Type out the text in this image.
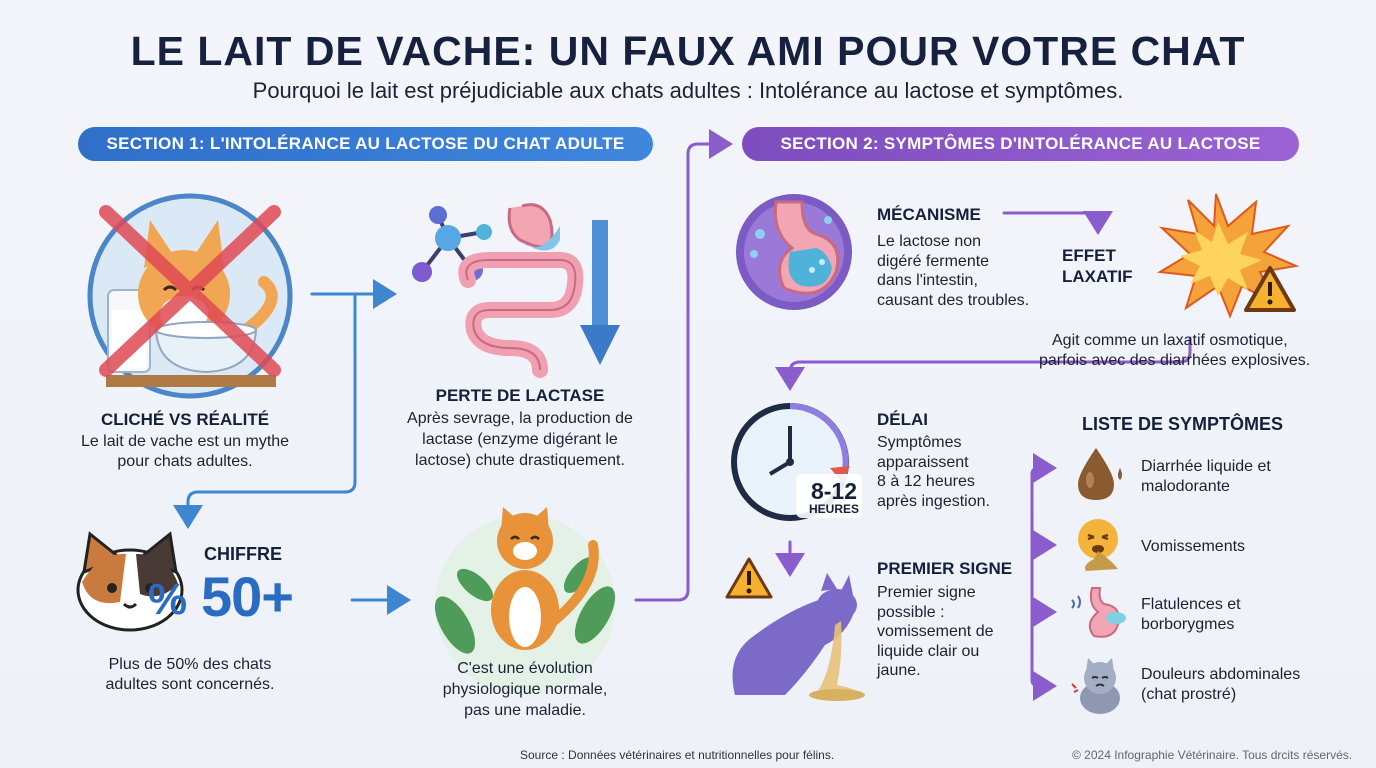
LE LAIT DE VACHE: UN FAUX AMI POUR VOTRE CHAT
Pourquoi le lait est préjudiciable aux chats adultes : Intolérance au lactose et symptômes.
SECTION 1: L'INTOLÉRANCE AU LACTOSE DU CHAT ADULTE	SECTION 2: SYMPTÔMES D'INTOLÉRANCE AU LACTOSE
CLICHÉ VS RÉALITÉ
Le lait de vache est un mythe
pour chats adultes.
PERTE DE LACTASE
Après sevrage, la production de
lactase (enzyme digérant le
lactose) chute drastiquement.
%
CHIFFRE
50+
Plus de 50% des chats
adultes sont concernés.
C'est une évolution
physiologique normale,
pas une maladie.
MÉCANISME
Le lactose non
digéré fermente
dans l'intestin,
causant des troubles.
EFFET
LAXATIF
Agit comme un laxatif osmotique,
parfois avec des diarrhées explosives.
8-12
HEURES
DÉLAI
Symptômes
apparaissent
8 à 12 heures
après ingestion.
PREMIER SIGNE
Premier signe
possible :
vomissement de
liquide clair ou
jaune.
LISTE DE SYMPTÔMES
Diarrhée liquide et
malodorante
Vomissements
Flatulences et
borborygmes
Douleurs abdominales
(chat prostré)
Source : Données vétérinaires et nutritionnelles pour félins.	© 2024 Infographie Vétérinaire. Tous drcits réservés.
